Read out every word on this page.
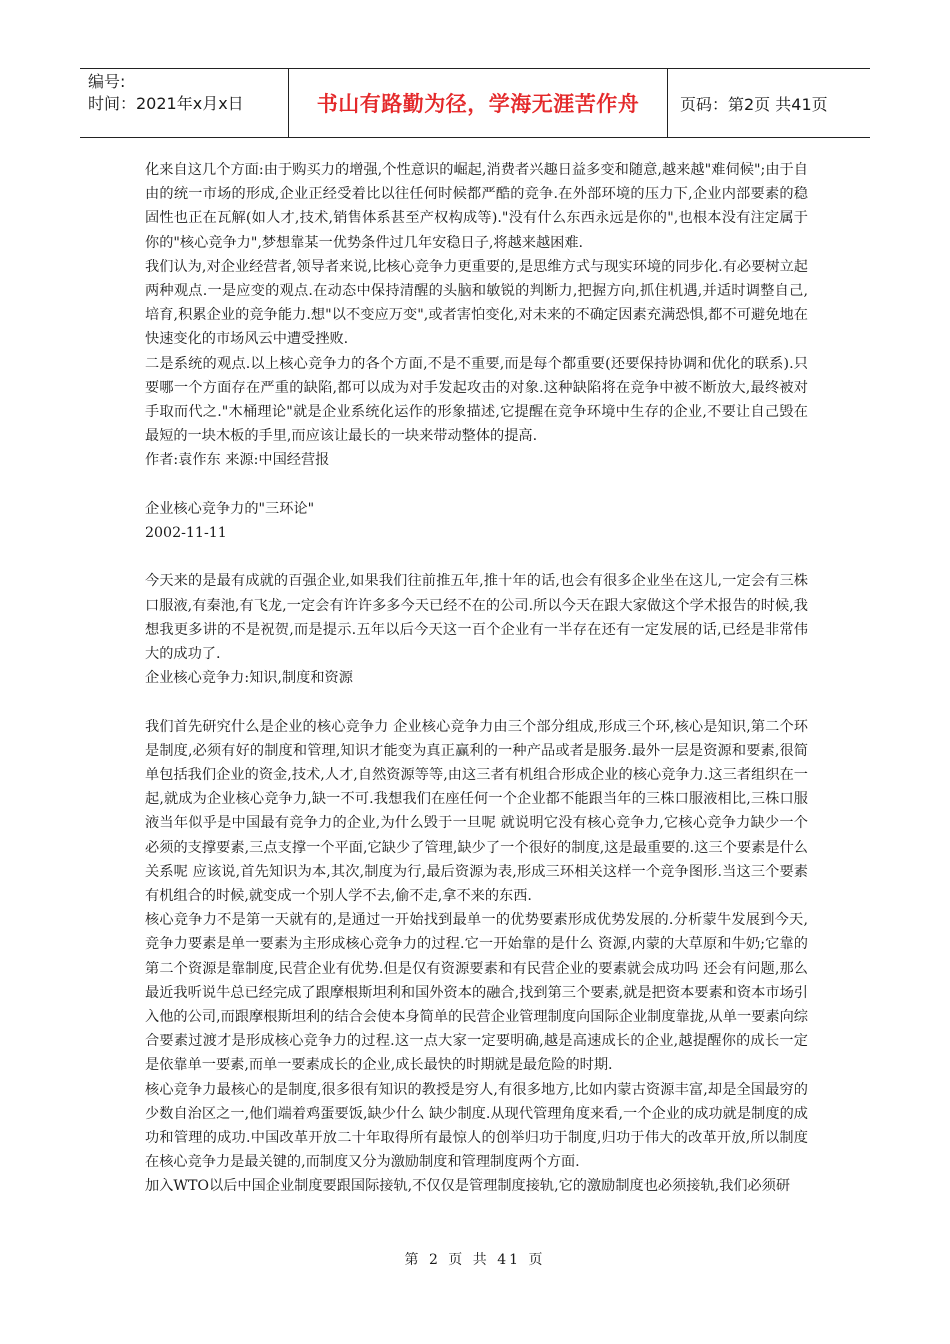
编号:
时间：2021年x月x日	书山有路勤为径，学海无涯苦作舟	页码：第2页 共41页

化来自这几个方面:由于购买力的增强,个性意识的崛起,消费者兴趣日益多变和随意,越来越"难伺候";由于自由的统一市场的形成,企业正经受着比以往任何时候都严酷的竞争.在外部环境的压力下,企业内部要素的稳固性也正在瓦解(如人才,技术,销售体系甚至产权构成等)."没有什么东西永远是你的",也根本没有注定属于你的"核心竞争力",梦想靠某一优势条件过几年安稳日子,将越来越困难.

我们认为,对企业经营者,领导者来说,比核心竞争力更重要的,是思维方式与现实环境的同步化.有必要树立起两种观点.一是应变的观点.在动态中保持清醒的头脑和敏锐的判断力,把握方向,抓住机遇,并适时调整自己,培育,积累企业的竞争能力.想"以不变应万变",或者害怕变化,对未来的不确定因素充满恐惧,都不可避免地在快速变化的市场风云中遭受挫败.

二是系统的观点.以上核心竞争力的各个方面,不是不重要,而是每个都重要(还要保持协调和优化的联系).只要哪一个方面存在严重的缺陷,都可以成为对手发起攻击的对象.这种缺陷将在竞争中被不断放大,最终被对手取而代之."木桶理论"就是企业系统化运作的形象描述,它提醒在竞争环境中生存的企业,不要让自己毁在最短的一块木板的手里,而应该让最长的一块来带动整体的提高.

作者:袁作东 来源:中国经营报

企业核心竞争力的"三环论"

2002-11-11

今天来的是最有成就的百强企业,如果我们往前推五年,推十年的话,也会有很多企业坐在这儿,一定会有三株口服液,有秦池,有飞龙,一定会有许许多多今天已经不在的公司.所以今天在跟大家做这个学术报告的时候,我想我更多讲的不是祝贺,而是提示.五年以后今天这一百个企业有一半存在还有一定发展的话,已经是非常伟大的成功了.

企业核心竞争力:知识,制度和资源

我们首先研究什么是企业的核心竞争力 企业核心竞争力由三个部分组成,形成三个环,核心是知识,第二个环是制度,必须有好的制度和管理,知识才能变为真正赢利的一种产品或者是服务.最外一层是资源和要素,很简单包括我们企业的资金,技术,人才,自然资源等等,由这三者有机组合形成企业的核心竞争力.这三者组织在一起,就成为企业核心竞争力,缺一不可.我想我们在座任何一个企业都不能跟当年的三株口服液相比,三株口服液当年似乎是中国最有竞争力的企业,为什么毁于一旦呢 就说明它没有核心竞争力,它核心竞争力缺少一个必须的支撑要素,三点支撑一个平面,它缺少了管理,缺少了一个很好的制度,这是最重要的.这三个要素是什么关系呢 应该说,首先知识为本,其次,制度为行,最后资源为表,形成三环相关这样一个竞争图形.当这三个要素有机组合的时候,就变成一个别人学不去,偷不走,拿不来的东西.

核心竞争力不是第一天就有的,是通过一开始找到最单一的优势要素形成优势发展的.分析蒙牛发展到今天,竞争力要素是单一要素为主形成核心竞争力的过程.它一开始靠的是什么 资源,内蒙的大草原和牛奶;它靠的第二个资源是靠制度,民营企业有优势.但是仅有资源要素和有民营企业的要素就会成功吗 还会有问题,那么最近我听说牛总已经完成了跟摩根斯坦利和国外资本的融合,找到第三个要素,就是把资本要素和资本市场引入他的公司,而跟摩根斯坦利的结合会使本身简单的民营企业管理制度向国际企业制度靠拢,从单一要素向综合要素过渡才是形成核心竞争力的过程.这一点大家一定要明确,越是高速成长的企业,越提醒你的成长一定是依靠单一要素,而单一要素成长的企业,成长最快的时期就是最危险的时期.

核心竞争力最核心的是制度,很多很有知识的教授是穷人,有很多地方,比如内蒙古资源丰富,却是全国最穷的少数自治区之一,他们端着鸡蛋要饭,缺少什么 缺少制度.从现代管理角度来看,一个企业的成功就是制度的成功和管理的成功.中国改革开放二十年取得所有最惊人的创举归功于制度,归功于伟大的改革开放,所以制度在核心竞争力是最关键的,而制度又分为激励制度和管理制度两个方面.

加入WTO以后中国企业制度要跟国际接轨,不仅仅是管理制度接轨,它的激励制度也必须接轨,我们必须研

第 2 页 共 41 页
